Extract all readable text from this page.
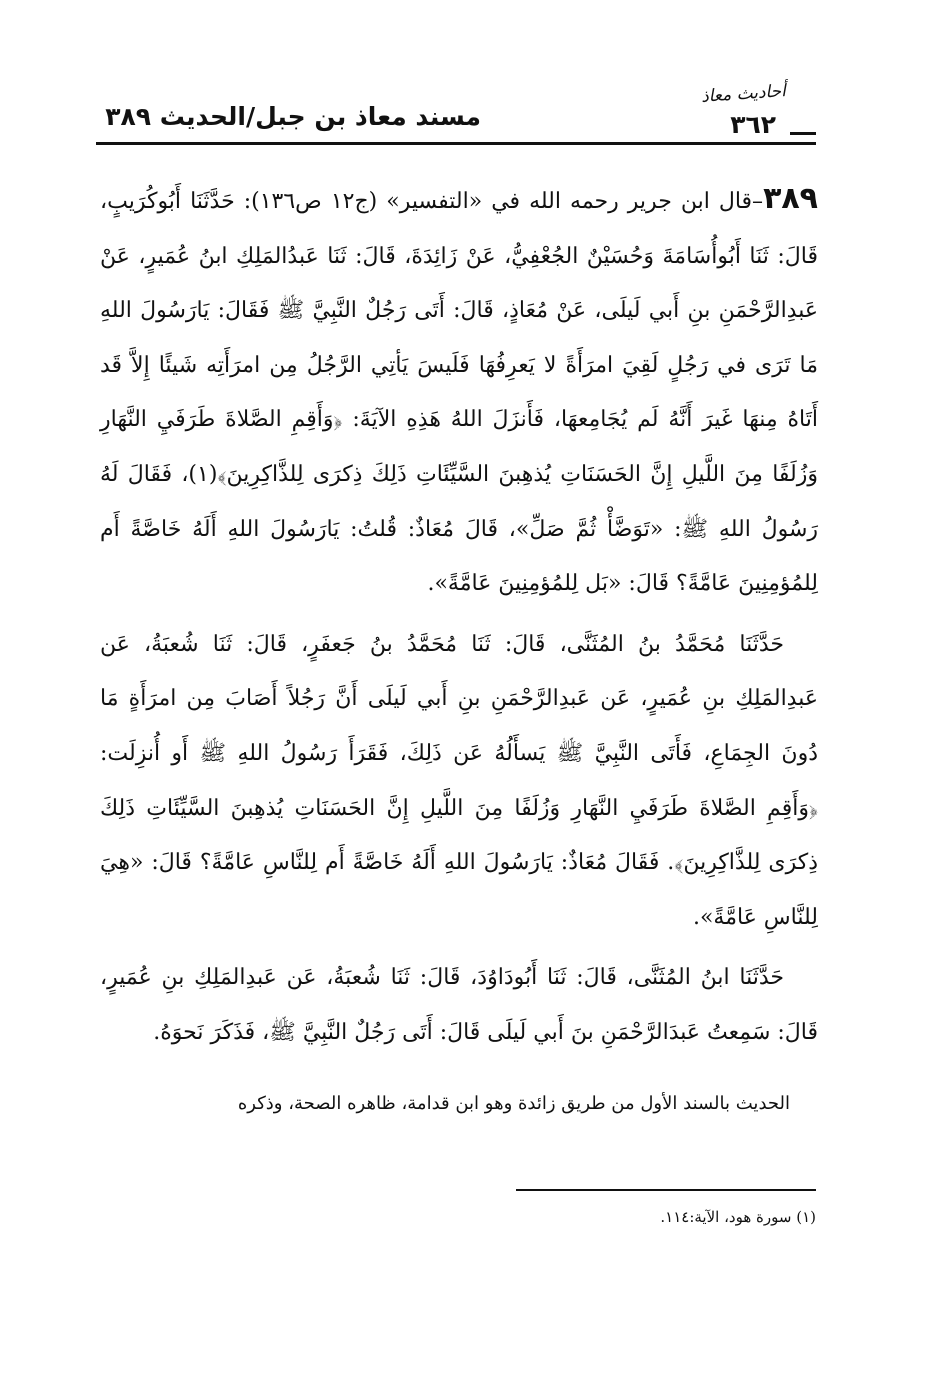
أحاديث معاذ
٣٦٢
مسند معاذ بن جبل/الحديث ٣٨٩

٣٨٩–قال ابن جرير رحمه الله في «التفسير» (ج١٢ ص١٣٦): حَدَّثَنَا أَبُوكُرَيبٍ، قَالَ: ثَنَا أَبُوأُسَامَةَ وَحُسَيْنٌ الجُعْفِيُّ، عَنْ زَائِدَةَ، قَالَ: ثَنَا عَبدُالمَلِكِ ابنُ عُمَيرٍ، عَنْ عَبدِالرَّحْمَنِ بنِ أَبي لَيلَى، عَنْ مُعَاذٍ، قَالَ: أَتَى رَجُلٌ النَّبِيَّ ﷺ فَقَالَ: يَارَسُولَ اللهِ مَا تَرَى في رَجُلٍ لَقِيَ امرَأَةً لا يَعرِفُهَا فَلَيسَ يَأتِي الرَّجُلُ مِن امرَأَتِه شَيئًا إِلاَّ قَد أَتَاهُ مِنهَا غَيرَ أَنَّهُ لَم يُجَامِعهَا، فَأَنزَلَ اللهُ هَذِهِ الآيَةَ: ﴿وَأَقِمِ الصَّلاةَ طَرَفَيِ النَّهَارِ وَزُلَفًا مِنَ اللَّيلِ إِنَّ الحَسَنَاتِ يُذهِبنَ السَّيِّئَاتِ ذَلِكَ ذِكرَى لِلذَّاكِرِينَ﴾(١)، فَقَالَ لَهُ رَسُولُ اللهِ ﷺ: «تَوَضَّأْ ثُمَّ صَلِّ»، قَالَ مُعَاذٌ: قُلتُ: يَارَسُولَ اللهِ أَلَهُ خَاصَّةً أَم لِلمُؤمِنِينَ عَامَّةً؟ قَالَ: «بَل لِلمُؤمِنِينَ عَامَّةً».

حَدَّثَنَا مُحَمَّدُ بنُ المُثَنَّى، قَالَ: ثَنَا مُحَمَّدُ بنُ جَعفَرٍ، قَالَ: ثَنَا شُعبَةُ، عَن عَبدِالمَلِكِ بنِ عُمَيرٍ، عَن عَبدِالرَّحْمَنِ بنِ أَبي لَيلَى أَنَّ رَجُلاً أَصَابَ مِن امرَأَةٍ مَا دُونَ الجِمَاعِ، فَأَتَى النَّبِيَّ ﷺ يَسأَلُهُ عَن ذَلِكَ، فَقَرَأَ رَسُولُ اللهِ ﷺ أَو أُنزِلَت: ﴿وَأَقِمِ الصَّلاةَ طَرَفَيِ النَّهَارِ وَزُلَفًا مِنَ اللَّيلِ إِنَّ الحَسَنَاتِ يُذهِبنَ السَّيِّئَاتِ ذَلِكَ ذِكرَى لِلذَّاكِرِينَ﴾. فَقَالَ مُعَاذٌ: يَارَسُولَ اللهِ أَلَهُ خَاصَّةً أَم لِلنَّاسِ عَامَّةً؟ قَالَ: «هِيَ لِلنَّاسِ عَامَّةً».

حَدَّثَنَا ابنُ المُثَنَّى، قَالَ: ثَنَا أَبُودَاوُدَ، قَالَ: ثَنَا شُعبَةُ، عَن عَبدِالمَلِكِ بنِ عُمَيرٍ، قَالَ: سَمِعتُ عَبدَالرَّحْمَنِ بنَ أَبي لَيلَى قَالَ: أَتَى رَجُلٌ النَّبِيَّ ﷺ، فَذَكَرَ نَحوَهُ.

الحديث بالسند الأول من طريق زائدة وهو ابن قدامة، ظاهره الصحة، وذكره
(١) سورة هود، الآية:١١٤.
